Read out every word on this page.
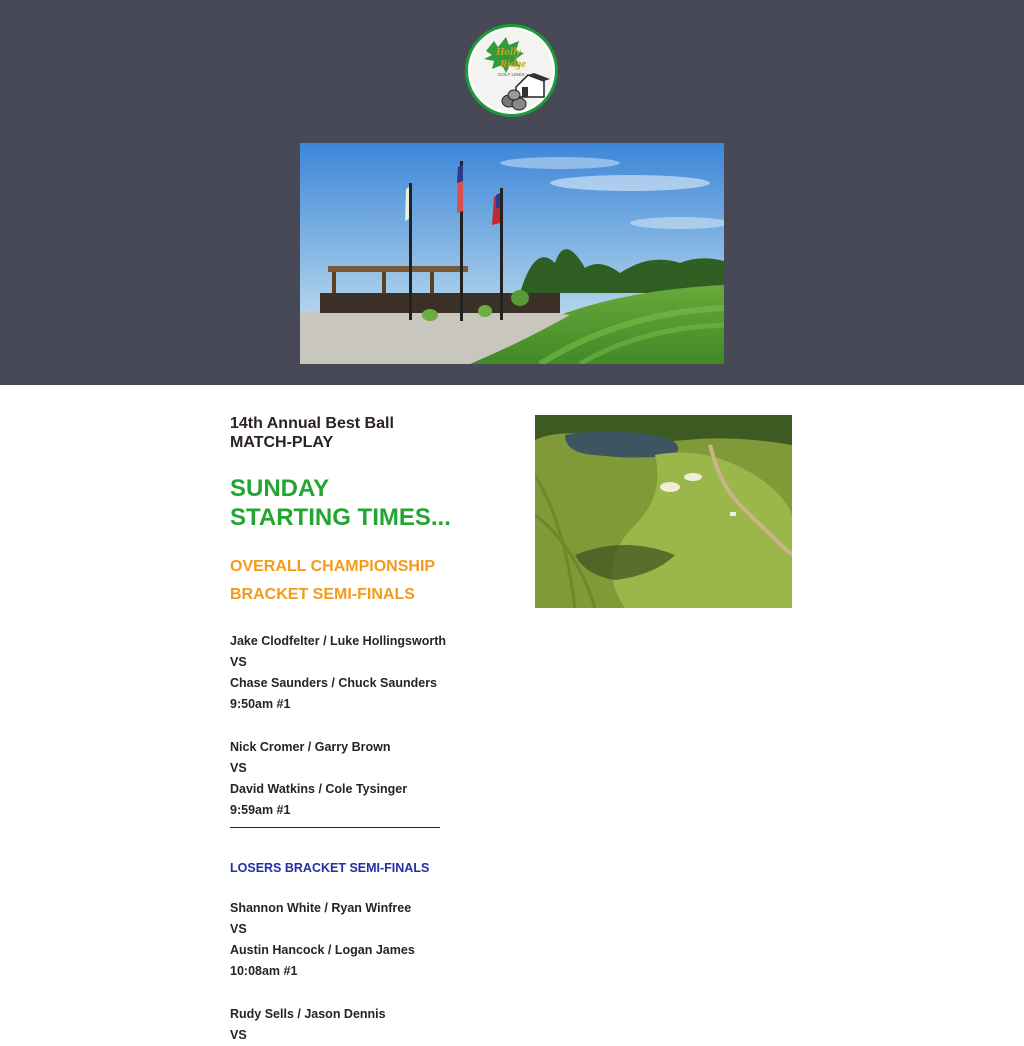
Holly
Ridge
GOLF LINKS
14th Annual Best Ball
MATCH-PLAY
SUNDAY
STARTING TIMES...
OVERALL CHAMPIONSHIP
BRACKET SEMI-FINALS
Jake Clodfelter / Luke Hollingsworth
VS
Chase Saunders / Chuck Saunders
9:50am #1
Nick Cromer / Garry Brown
VS
David Watkins / Cole Tysinger
9:59am #1
LOSERS BRACKET SEMI-FINALS
Shannon White / Ryan Winfree
VS
Austin Hancock / Logan James
10:08am #1
Rudy Sells / Jason Dennis
VS
